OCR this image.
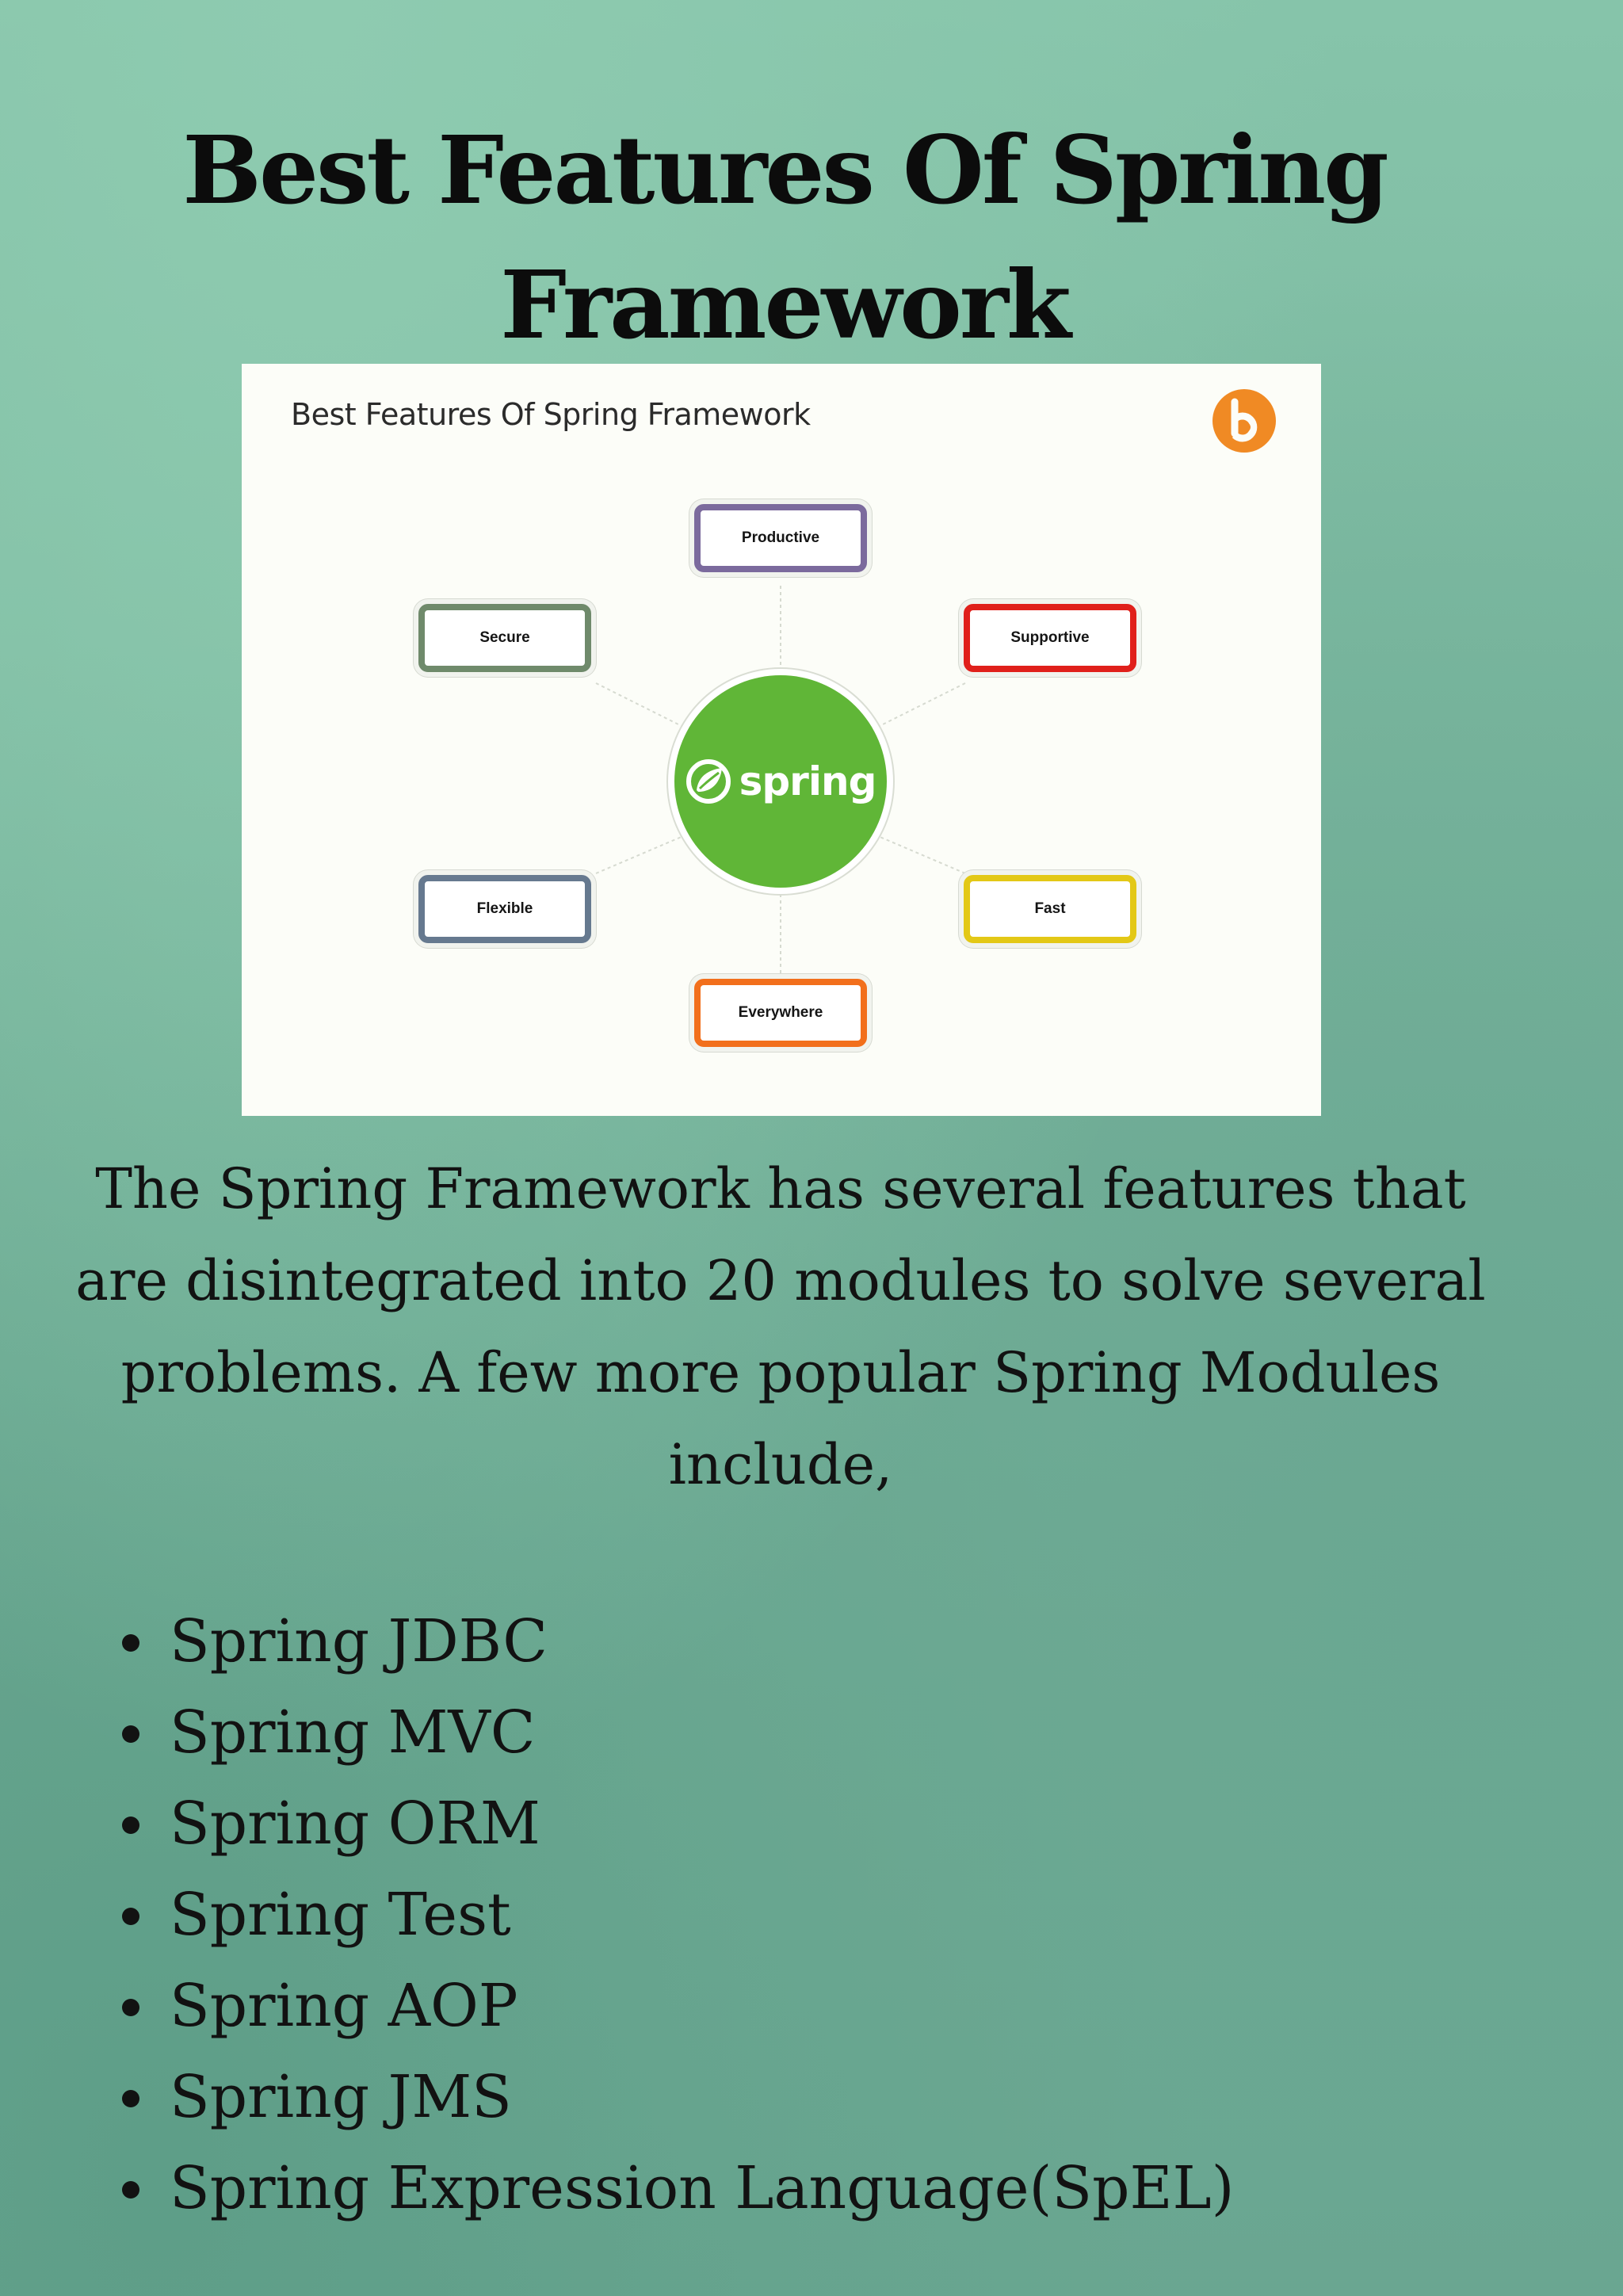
Best Features Of Spring Framework
Best Features Of Spring Framework
Productive
Supportive
Fast
Everywhere
Flexible
Secure
spring

The Spring Framework has several features that are disintegrated into 20 modules to solve several problems. A few more popular Spring Modules include,

Spring JDBC
Spring MVC
Spring ORM
Spring Test
Spring AOP
Spring JMS
Spring Expression Language(SpEL)
